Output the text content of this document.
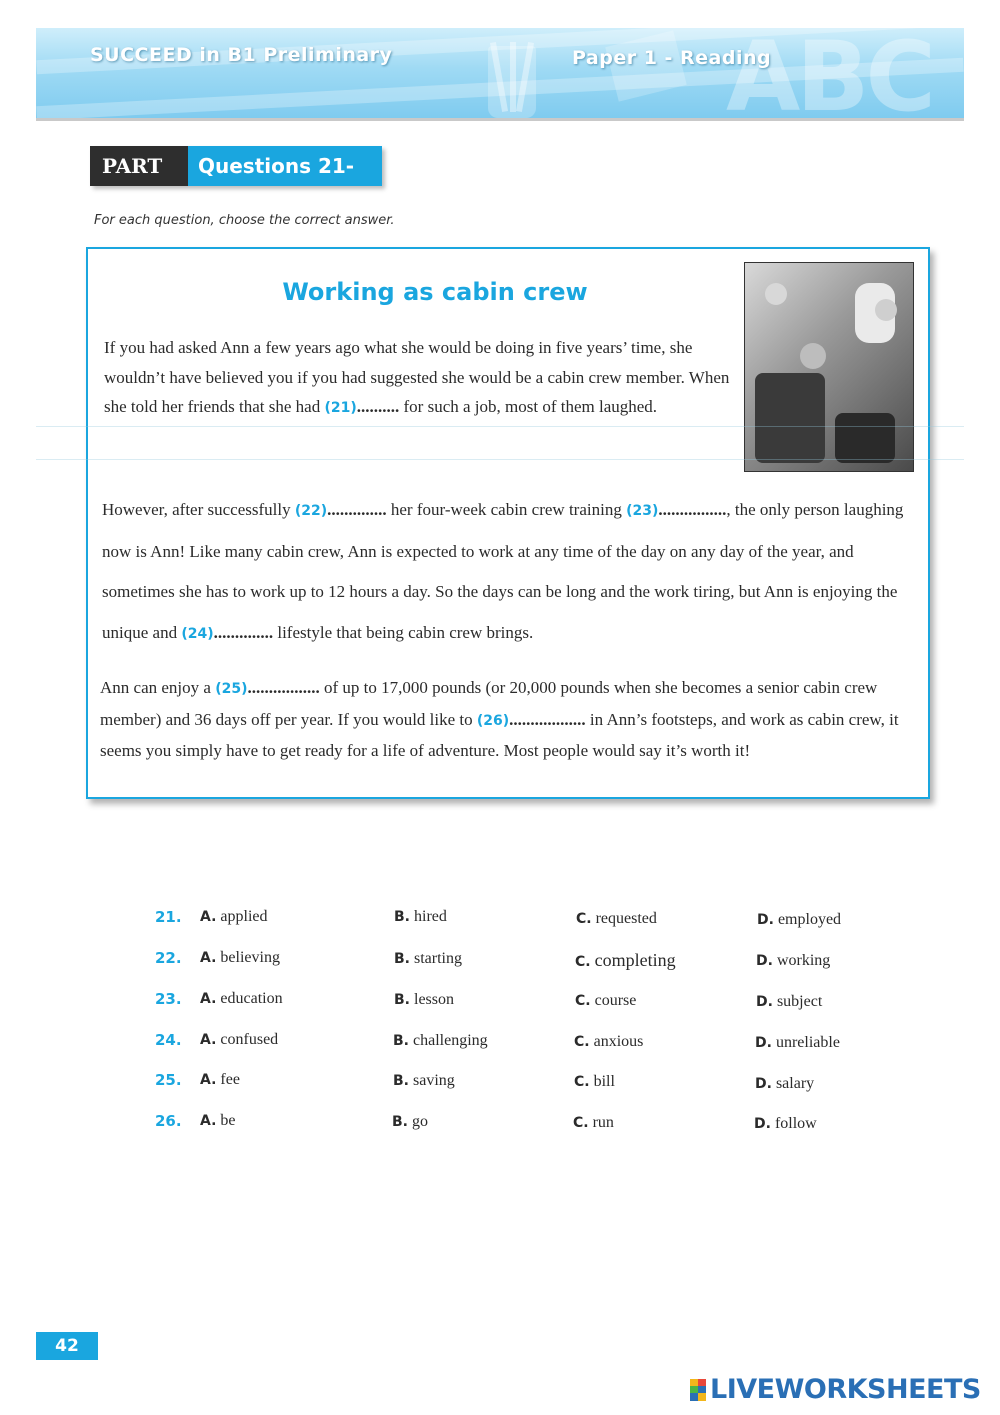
ABC
SUCCEED in B1 Preliminary	Paper 1 - Reading
PART 5
Questions 21-26
For each question, choose the correct answer.
Working as cabin crew

If you had asked Ann a few years ago what she would be doing in five years’ time, she wouldn’t have believed you if you had suggested she would be a cabin crew member. When she told her friends that she had (21).......... for such a job, most of them laughed.

However, after successfully (22).............. her four-week cabin crew training (23)................, the only person laughing now is Ann! Like many cabin crew, Ann is expected to work at any time of the day on any day of the year, and sometimes she has to work up to 12 hours a day. So the days can be long and the work tiring, but Ann is enjoying the unique and (24).............. lifestyle that being cabin crew brings.

Ann can enjoy a (25)................. of up to 17,000 pounds (or 20,000 pounds when she becomes a senior cabin crew member) and 36 days off per year. If you would like to (26).................. in Ann’s footsteps, and work as cabin crew, it seems you simply have to get ready for a life of adventure. Most people would say it’s worth it!

21. A. applied	B. hired	C. requested	D. employed
22. A. believing	B. starting	C. completing	D. working
23. A. education	B. lesson	C. course	D. subject
24. A. confused	B. challenging	C. anxious	D. unreliable
25. A. fee	B. saving	C. bill	D. salary
26. A. be	B. go	C. run	D. follow
42
LIVEWORKSHEETS
